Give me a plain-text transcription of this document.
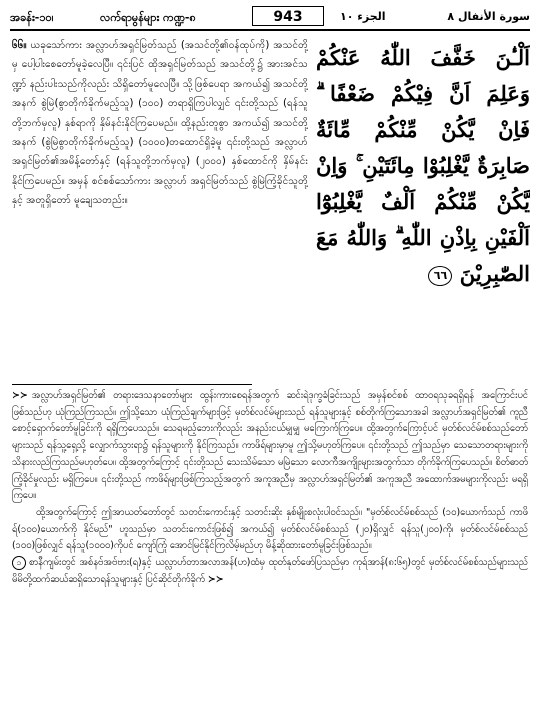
အခန်း-၁၀၊	လက်ရာမွန်များ ကဏ္ဍ-၈	943	الجزء ١٠	سورة الأنفال ٨
၆၆။ ယခုသော်ကား အလ္လာဟ်အရှင်မြတ်သည် (အသင်တို့၏ဝန်ထုပ်ကို) အသင်တို့မှ ပေါ့ပါးစေတော်မူခဲ့လေပြီ။ ၎င်းပြင် ထိုအရှင်မြတ်သည် အသင်တို့၌ အားအင်သဏ္ဍာ် နည်းပါးသည်ကိုလည်း သိရှိတော်မူလေပြီ။ သို့ဖြစ်ပေရာ အကယ်၍ အသင်တို့အနက် စွဲမြဲ(စွာတိုက်ခိုက်မည့်သူ) (၁၀၀) တရာရှိကြပါလျှင် ၎င်းတို့သည် (ရန်သူတို့ဘက်မှလူ) နှစ်ရာကို နှိမ်နင်းနိုင်ကြပေမည်။ ထို့နည်းတူစွာ အကယ်၍ အသင်တို့အနက် (စွဲမြဲစွာတိုက်ခိုက်မည့်သူ) (၁၀၀၀)တထောင်ရှိခဲ့မူ ၎င်းတို့သည် အလ္လာဟ်အရှင်မြတ်၏အမိန့်တော်နှင့် (ရန်သူတို့ဘက်မှလူ) (၂၀၀၀) နှစ်ထောင်ကို နှိမ်နင်း နိုင်ကြပေမည်။ အမှန် စင်စစ်သော်ကား အလ္လာဟ် အရှင်မြတ်သည် စွဲမြဲကြံ့ခိုင်သူတို့နှင့် အတူရှိတော် မူချေသတည်း။
اَلْـٰٔنَ خَفَّفَ اللّٰهُ عَنْكُمْ وَعَلِمَ اَنَّ فِيْكُمْ ضَعْفًا ۗ فَاِنْ يَّكُنْ مِّنْكُمْ مِّائَةٌ صَابِرَةٌ يَّغْلِبُوْا مِائَتَيْنِ ۚ وَاِنْ يَّكُنْ مِّنْكُمْ اَلْفٌ يَّغْلِبُوْٓا اَلْفَيْنِ بِاِذْنِ اللّٰهِ ۗ وَاللّٰهُ مَعَ الصّٰبِرِيْنَ ٦٦

≻≻ အလ္လာဟ်အရှင်မြတ်၏ တရားဒေသနာတော်များ ထွန်းကားစေရန်အတွက် ဆင်းရဲဒုက္ခခံခြင်းသည် အမှန်စင်စစ် ထာဝရသုခရရှိရန် အကြောင်းပင်ဖြစ်သည်ဟု ယုံကြည်ကြသည်။ ဤသို့သော ယုံကြည်ချက်များဖြင့် မှတ်စ်လင်မ်များသည် ရန်သူများနှင့် စစ်တိုက်ကြသောအခါ အလ္လာဟ်အရှင်မြတ်၏ ကူညီစောင့်ရှောက်တော်မူခြင်းကို ရရှိကြပေသည်။ သေရမည့်ဘေးကိုလည်း အနည်းငယ်မျှမျှ မကြောက်ကြပေ။ ထို့အတွက်ကြောင့်ပင် မှတ်စ်လင်မ်စစ်သည်တော်များသည် ရန်သူ့ရှေ့သို့ လျှောက်သွားရာ၌ ရန်သူများကို နိုင်ကြသည်။ ကာဖိရ်များမှာမူ ဤသို့မဟုတ်ကြပေ။ ၎င်းတို့သည် ဤသည်မှာ သေသောတရားများကို သိနားလည်ကြသည်မဟုတ်ပေ။ ထို့အတွက်ကြောင့် ၎င်းတို့သည် သေးသိမ်သော မမြဲသော လောကီအကျိုးများအတွက်သာ တိုက်ခိုက်ကြပေသည်။ စိတ်ဓာတ်ကြံ့ခိုင်မှုလည်း မရှိကြပေ။ ၎င်းတို့သည် ကာဖိရ်များဖြစ်ကြသည့်အတွက် အကူအညီမှ အလ္လာဟ်အရှင်မြတ်၏ အကူအညီ အထောက်အမများကိုလည်း မရရှိကြပေ။

ထို့အတွက်ကြောင့် ဤအာယတ်တော်တွင် သတင်းကောင်းနှင့် သတင်းဆိုး နှစ်မျိုးစလုံးပါဝင်သည်။ "မှတ်စ်လင်မ်စစ်သည် (၁၀)ယောက်သည် ကာဖိရ်(၁၀၀)ယောက်ကို နိုင်မည်" ဟူသည်မှာ သတင်းကောင်းဖြစ်၍ အကယ်၍ မှတ်စ်လင်မ်စစ်သည် (၂၀)ရှိလျှင် ရန်သူ(၂၀၀)ကို၊ မှတ်စ်လင်မ်စစ်သည် (၁၀၀)ဖြစ်လျှင် ရန်သူ(၁၀၀၀)ကိုပင် ကျော်ကြုံ အောင်မြင်နိုင်ကြလိမ့်မည်ဟု မိန့်ဆိုထားတော်မူခြင်းဖြစ်သည်။

၁ စာနီကျမ်းတွင် အစ်နဗ်အဗ်ဗား(ရ)နှင့် ယလ္လာဟ်တာအလာအန်(ဟ)ထံမှ ထုတ်နုတ်ဖော်ပြသည်မှာ ကုရ်အာန်(၈:၆၅)တွင် မှတ်စ်လင်မ်စစ်သည်များသည် မိမိတို့ထက်ဆယ်ဆရှိသောရန်သူများနှင့် ပြင်ဆိုင်တိုက်ခိုက် ≻≻
